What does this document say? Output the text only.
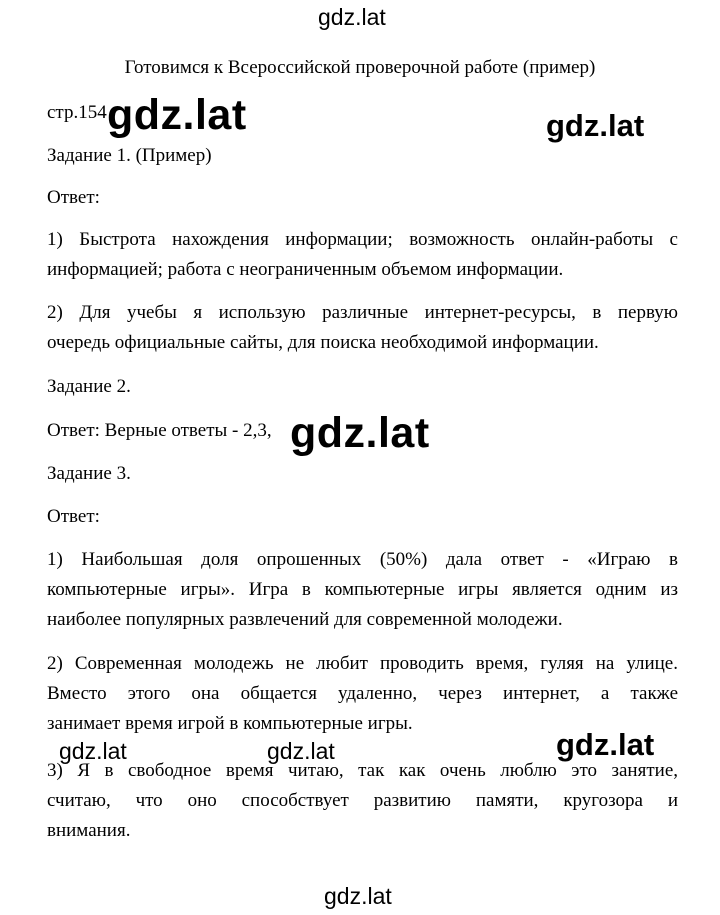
gdz.lat
Готовимся к Всероссийской проверочной работе (пример)
стр.154 gdz.lat	gdz.lat
Задание 1. (Пример)
Ответ:
1) Быстрота нахождения информации; возможность онлайн-работы с
информацией; работа с неограниченным объемом информации.
2) Для учебы я использую различные интернет-ресурсы, в первую
очередь официальные сайты, для поиска необходимой информации.
Задание 2.
Ответ: Верные ответы - 2,3, gdz.lat
Задание 3.
Ответ:
1) Наибольшая доля опрошенных (50%) дала ответ - «Играю в
компьютерные игры». Игра в компьютерные игры является одним из
наиболее популярных развлечений для современной молодежи.
2) Современная молодежь не любит проводить время, гуляя на улице.
Вместо этого она общается удаленно, через интернет, а также
занимает время игрой в компьютерные игры.
gdz.lat	gdz.lat	gdz.lat
3) Я в свободное время читаю, так как очень люблю это занятие,
считаю, что оно способствует развитию памяти, кругозора и
внимания.
gdz.lat
